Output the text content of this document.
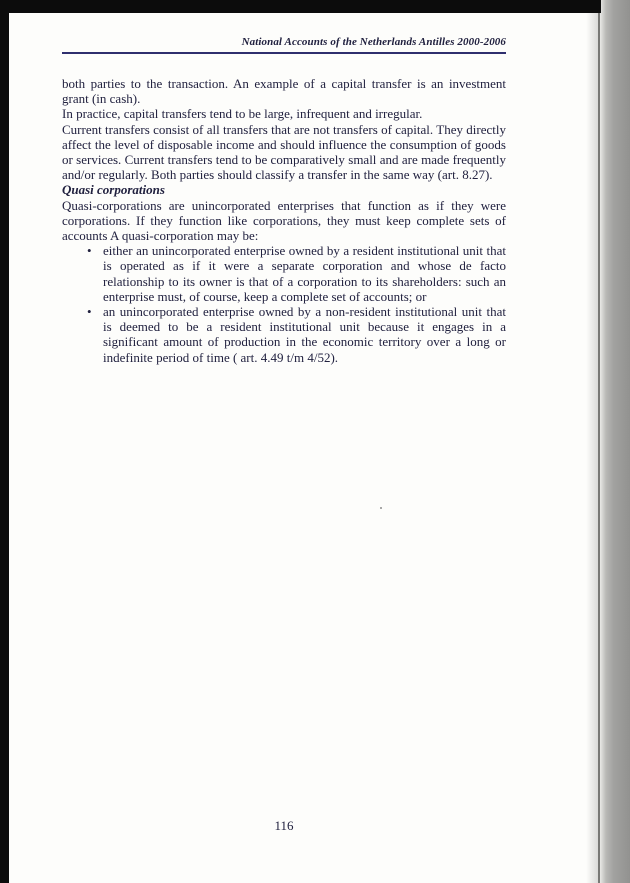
National Accounts of the Netherlands Antilles 2000-2006

both parties to the transaction. An example of a capital transfer is an investment grant (in cash).

In practice, capital transfers tend to be large, infrequent and irregular.

Current transfers consist of all transfers that are not transfers of capital. They directly affect the level of disposable income and should influence the consumption of goods or services. Current transfers tend to be comparatively small and are made frequently and/or regularly. Both parties should classify a transfer in the same way (art. 8.27).

Quasi corporations

Quasi-corporations are unincorporated enterprises that function as if they were corporations. If they function like corporations, they must keep complete sets of accounts A quasi-corporation may be:

• either an unincorporated enterprise owned by a resident institutional unit that is operated as if it were a separate corporation and whose de facto relationship to its owner is that of a corporation to its shareholders: such an enterprise must, of course, keep a complete set of accounts; or
• an unincorporated enterprise owned by a non-resident institutional unit that is deemed to be a resident institutional unit because it engages in a significant amount of production in the economic territory over a long or indefinite period of time ( art. 4.49 t/m 4/52).
116
